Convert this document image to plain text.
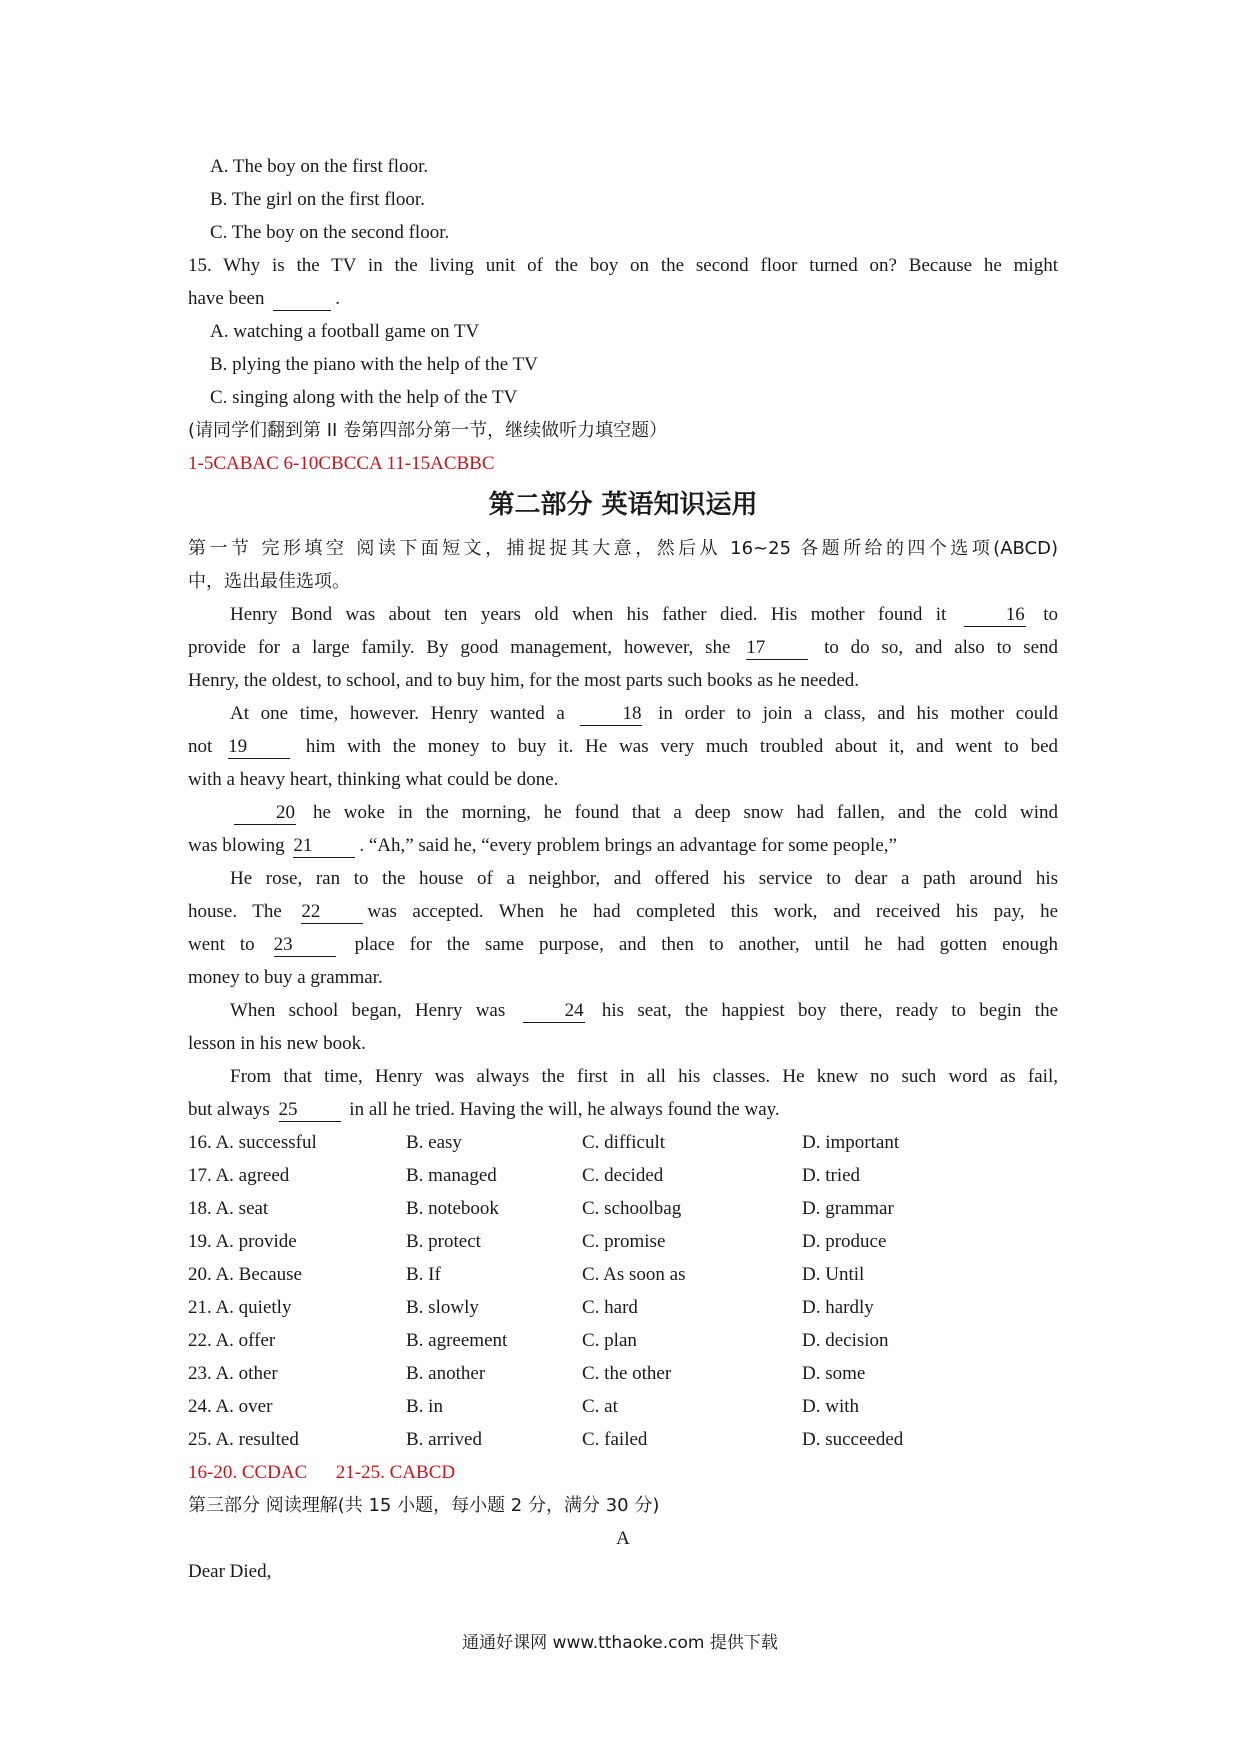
A. The boy on the first floor.
B. The girl on the first floor.
C. The boy on the second floor.
15. Why is the TV in the living unit of the boy on the second floor turned on? Because he might
have been	.
A. watching a football game on TV
B. plying the piano with the help of the TV
C. singing along with the help of the TV
(请同学们翻到第 II 卷第四部分第一节，继续做听力填空题）
1-5CABAC 6-10CBCCA 11-15ACBBC
第二部分 英语知识运用
第一节 完形填空 阅读下面短文，捕捉捉其大意，然后从 16~25 各题所给的四个选项(ABCD)
中，选出最佳选项。
Henry Bond was about ten years old when his father died. His mother found it	16 to
provide for a large family. By good management, however, she 17	to do so, and also to send
Henry, the oldest, to school, and to buy him, for the most parts such books as he needed.
At one time, however. Henry wanted a	18 in order to join a class, and his mother could
not 19	him with the money to buy it. He was very much troubled about it, and went to bed
with a heavy heart, thinking what could be done.
20 he woke in the morning, he found that a deep snow had fallen, and the cold wind
was blowing 21 . “Ah,” said he, “every problem brings an advantage for some people,”
He rose, ran to the house of a neighbor, and offered his service to dear a path around his
house. The 22 was accepted. When he had completed this work, and received his pay, he
went to 23	place for the same purpose, and then to another, until he had gotten enough
money to buy a grammar.
When school began, Henry was	24 his seat, the happiest boy there, ready to begin the
lesson in his new book.
From that time, Henry was always the first in all his classes. He knew no such word as fail,
but always 25	in all he tried. Having the will, he always found the way.
16. A. successful	B. easy	C. difficult	D. important
17. A. agreed	B. managed	C. decided	D. tried
18. A. seat	B. notebook	C. schoolbag	D. grammar
19. A. provide	B. protect	C. promise	D. produce
20. A. Because	B. If	C. As soon as	D. Until
21. A. quietly	B. slowly	C. hard	D. hardly
22. A. offer	B. agreement	C. plan	D. decision
23. A. other	B. another	C. the other	D. some
24. A. over	B. in	C. at	D. with
25. A. resulted	B. arrived	C. failed	D. succeeded
16-20. CCDAC 21-25. CABCD
第三部分 阅读理解(共 15 小题，每小题 2 分，满分 30 分)
A
Dear Died,
通通好课网 www.tthaoke.com 提供下载
